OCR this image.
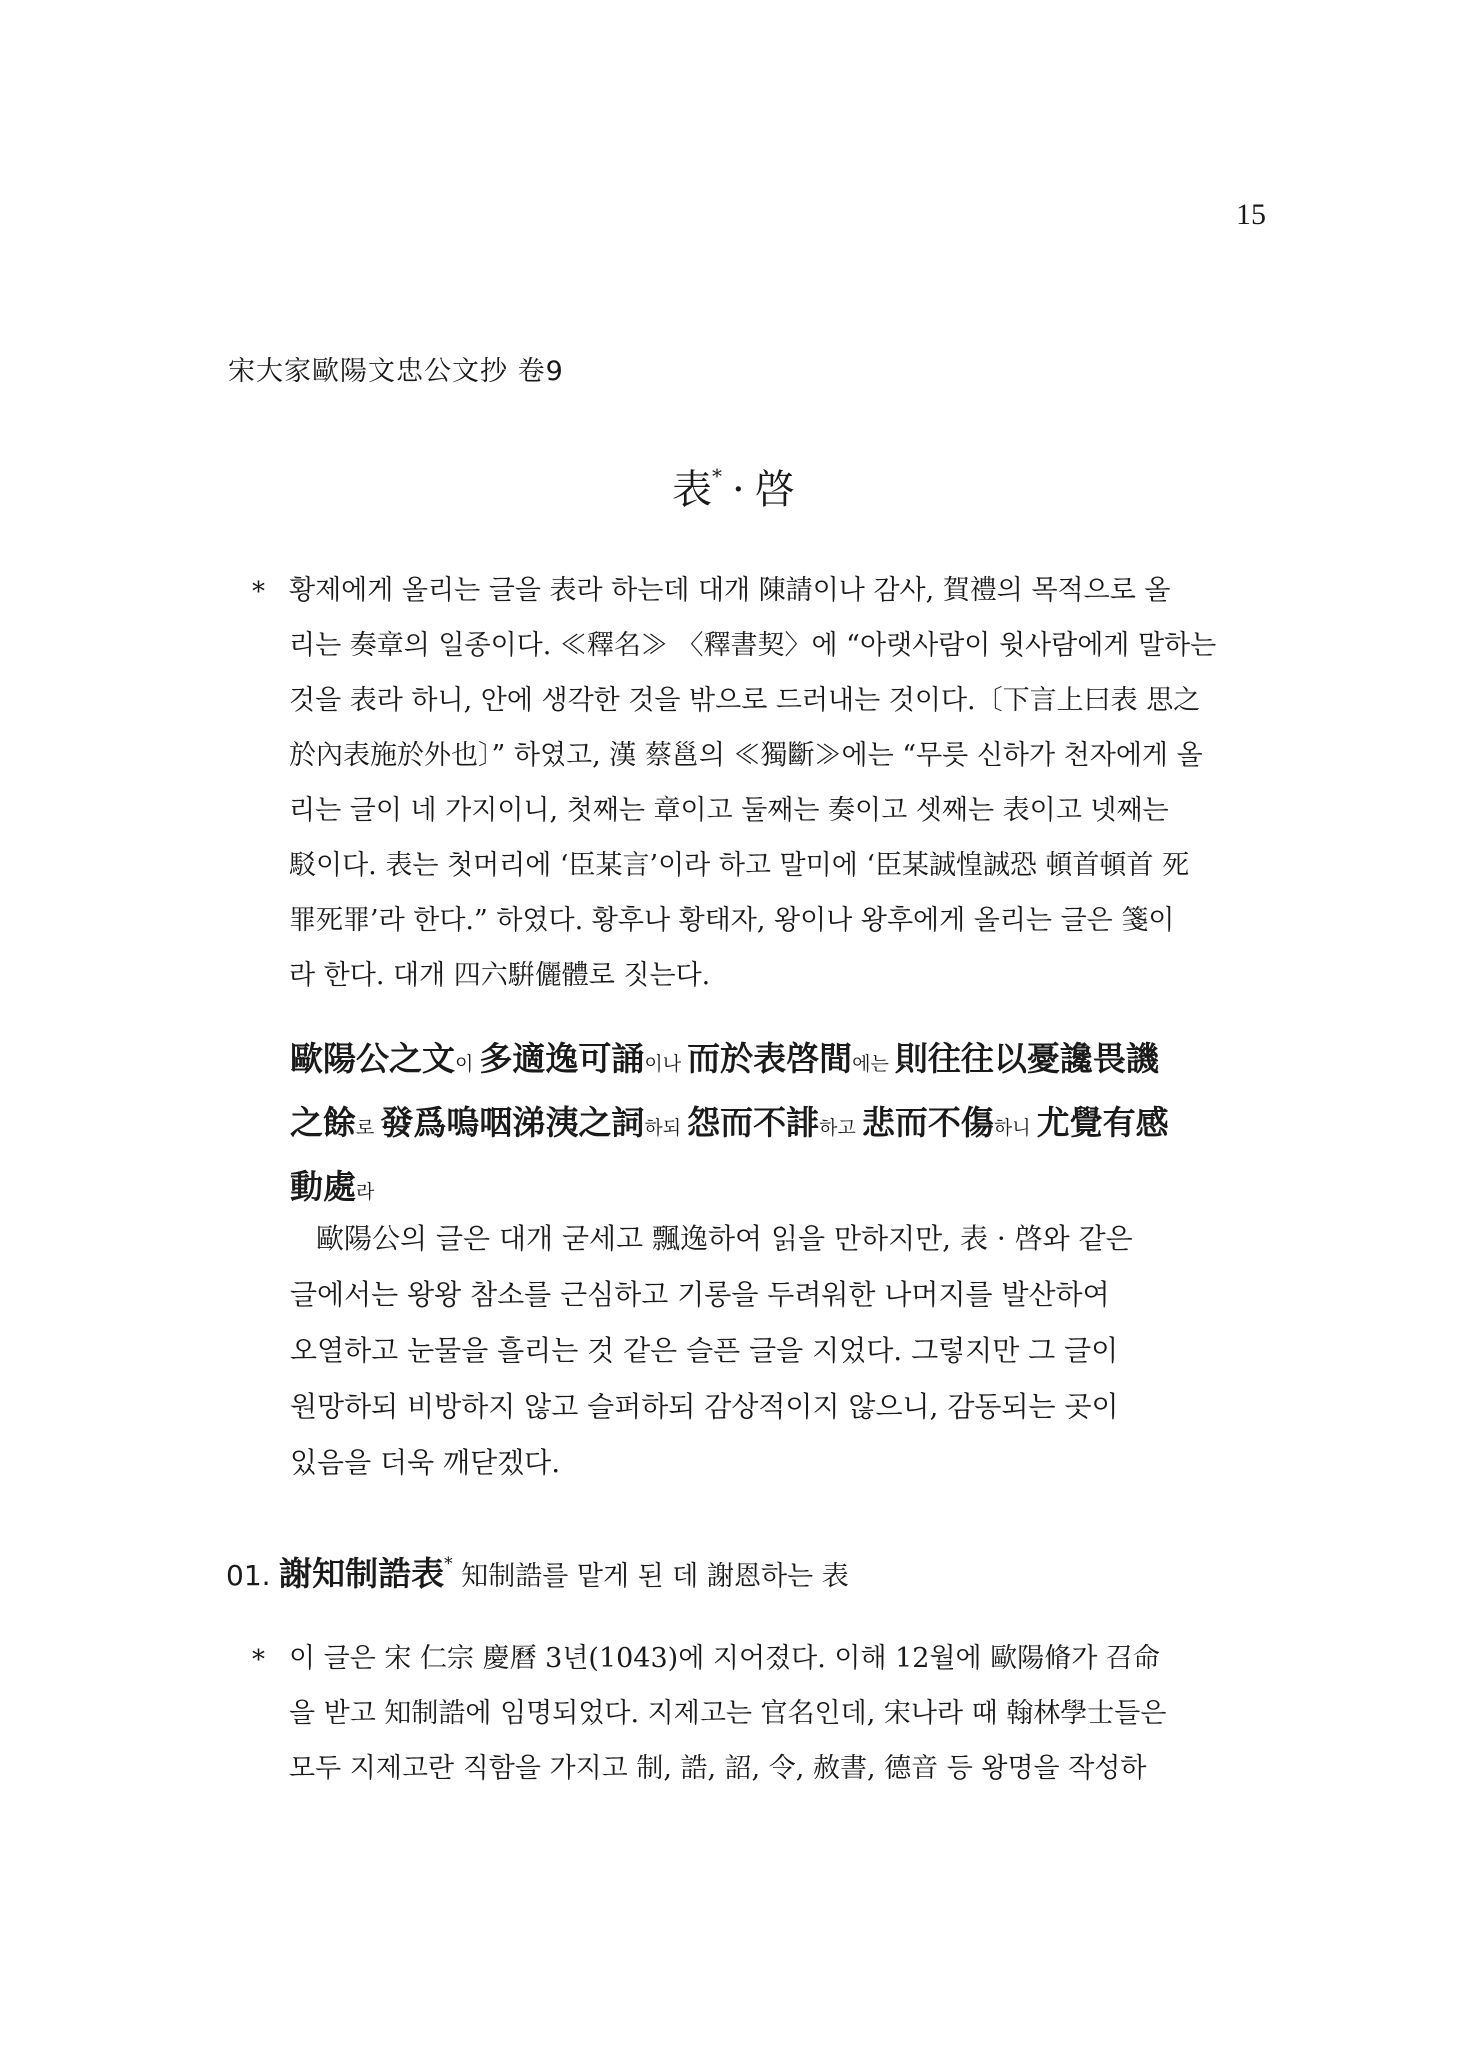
15
宋大家歐陽文忠公文抄 卷9
表* · 啓
* 황제에게 올리는 글을 表라 하는데 대개 陳請이나 감사, 賀禮의 목적으로 올
리는 奏章의 일종이다. ≪釋名≫ 〈釋書契〉에 “아랫사람이 윗사람에게 말하는
것을 表라 하니, 안에 생각한 것을 밖으로 드러내는 것이다.〔下言上曰表 思之
於內表施於外也〕” 하였고, 漢 蔡邕의 ≪獨斷≫에는 “무릇 신하가 천자에게 올
리는 글이 네 가지이니, 첫째는 章이고 둘째는 奏이고 셋째는 表이고 넷째는
駁이다. 表는 첫머리에 ‘臣某言’이라 하고 말미에 ‘臣某誠惶誠恐 頓首頓首 死
罪死罪’라 한다.” 하였다. 황후나 황태자, 왕이나 왕후에게 올리는 글은 箋이
라 한다. 대개 四六騈儷體로 짓는다.
歐陽公之文이 多適逸可誦이나 而於表啓間에는 則往往以憂讒畏譏
之餘로 發爲嗚咽涕洟之詞하되 怨而不誹하고 悲而不傷하니 尤覺有感
動處라
歐陽公의 글은 대개 굳세고 飄逸하여 읽을 만하지만, 表 · 啓와 같은
글에서는 왕왕 참소를 근심하고 기롱을 두려워한 나머지를 발산하여
오열하고 눈물을 흘리는 것 같은 슬픈 글을 지었다. 그렇지만 그 글이
원망하되 비방하지 않고 슬퍼하되 감상적이지 않으니, 감동되는 곳이
있음을 더욱 깨닫겠다.
01. 謝知制誥表* 知制誥를 맡게 된 데 謝恩하는 表
* 이 글은 宋 仁宗 慶曆 3년(1043)에 지어졌다. 이해 12월에 歐陽脩가 召命
을 받고 知制誥에 임명되었다. 지제고는 官名인데, 宋나라 때 翰林學士들은
모두 지제고란 직함을 가지고 制, 誥, 詔, 令, 赦書, 德音 등 왕명을 작성하
